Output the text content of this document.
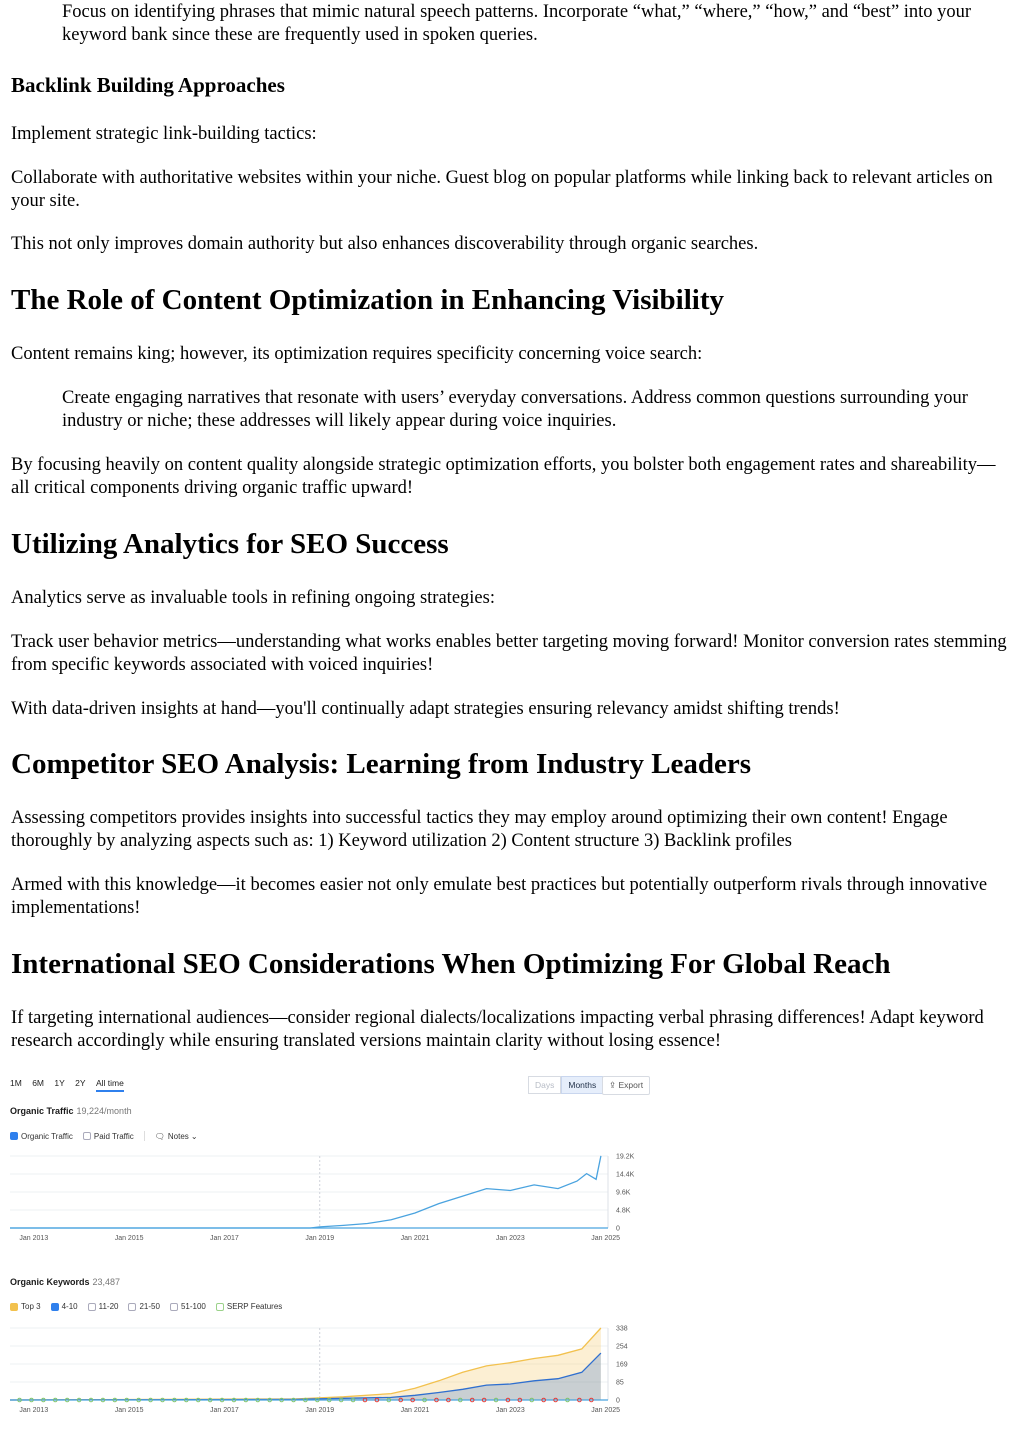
Focus on identifying phrases that mimic natural speech patterns. Incorporate “what,” “where,” “how,” and “best” into your keyword bank since these are frequently used in spoken queries.

Backlink Building Approaches

Implement strategic link-building tactics:

Collaborate with authoritative websites within your niche. Guest blog on popular platforms while linking back to relevant articles on your site.

This not only improves domain authority but also enhances discoverability through organic searches.

The Role of Content Optimization in Enhancing Visibility

Content remains king; however, its optimization requires specificity concerning voice search:

Create engaging narratives that resonate with users’ everyday conversations. Address common questions surrounding your industry or niche; these addresses will likely appear during voice inquiries.

By focusing heavily on content quality alongside strategic optimization efforts, you bolster both engagement rates and shareability—all critical components driving organic traffic upward!

Utilizing Analytics for SEO Success

Analytics serve as invaluable tools in refining ongoing strategies:

Track user behavior metrics—understanding what works enables better targeting moving forward! Monitor conversion rates stemming from specific keywords associated with voiced inquiries!

With data-driven insights at hand—you'll continually adapt strategies ensuring relevancy amidst shifting trends!

Competitor SEO Analysis: Learning from Industry Leaders

Assessing competitors provides insights into successful tactics they may employ around optimizing their own content! Engage thoroughly by analyzing aspects such as: 1) Keyword utilization 2) Content structure 3) Backlink profiles

Armed with this knowledge—it becomes easier not only emulate best practices but potentially outperform rivals through innovative implementations!

International SEO Considerations When Optimizing For Global Reach

If targeting international audiences—consider regional dialects/localizations impacting verbal phrasing differences! Adapt keyword research accordingly while ensuring translated versions maintain clarity without losing essence!

1M 6M 1Y 2Y All time	Days	Months	⇪ Export
Organic Traffic 19,224/month
Organic Traffic	Paid Traffic	🗨 Notes ⌄
19.2K
14.4K
9.6K
4.8K
0
Jan 2013	Jan 2015	Jan 2017	Jan 2019	Jan 2021	Jan 2023	Jan 2025
Organic Keywords 23,487
Top 3	4-10	11-20	21-50	51-100	SERP Features
338
254
169
85
0
Jan 2013	Jan 2015	Jan 2017	Jan 2019	Jan 2021	Jan 2023	Jan 2025
